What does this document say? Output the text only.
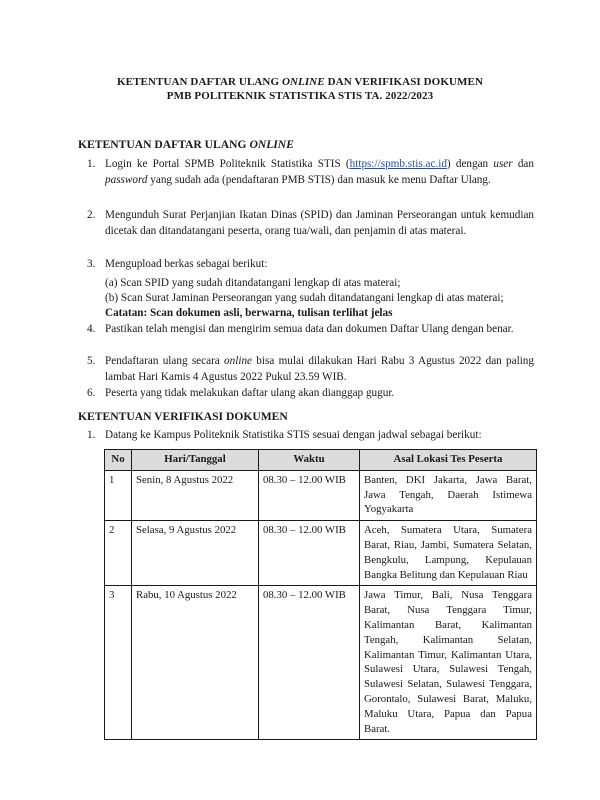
KETENTUAN DAFTAR ULANG ONLINE DAN VERIFIKASI DOKUMEN
PMB POLITEKNIK STATISTIKA STIS TA. 2022/2023
KETENTUAN DAFTAR ULANG ONLINE
1. Login ke Portal SPMB Politeknik Statistika STIS (https://spmb.stis.ac.id) dengan user dan password yang sudah ada (pendaftaran PMB STIS) dan masuk ke menu Daftar Ulang.
2. Mengunduh Surat Perjanjian Ikatan Dinas (SPID) dan Jaminan Perseorangan untuk kemudian dicetak dan ditandatangani peserta, orang tua/wali, dan penjamin di atas materai.
3. Mengupload berkas sebagai berikut:
(a) Scan SPID yang sudah ditandatangani lengkap di atas materai;
(b) Scan Surat Jaminan Perseorangan yang sudah ditandatangani lengkap di atas materai;
Catatan: Scan dokumen asli, berwarna, tulisan terlihat jelas
4. Pastikan telah mengisi dan mengirim semua data dan dokumen Daftar Ulang dengan benar.
5. Pendaftaran ulang secara online bisa mulai dilakukan Hari Rabu 3 Agustus 2022 dan paling lambat Hari Kamis 4 Agustus 2022 Pukul 23.59 WIB.
6. Peserta yang tidak melakukan daftar ulang akan dianggap gugur.
KETENTUAN VERIFIKASI DOKUMEN
1. Datang ke Kampus Politeknik Statistika STIS sesuai dengan jadwal sebagai berikut:
No	Hari/Tanggal	Waktu	Asal Lokasi Tes Peserta
1	Senin, 8 Agustus 2022	08.30 – 12.00 WIB	Banten, DKI Jakarta, Jawa Barat, Jawa Tengah, Daerah Istimewa Yogyakarta
2	Selasa, 9 Agustus 2022	08.30 – 12.00 WIB	Aceh, Sumatera Utara, Sumatera Barat, Riau, Jambi, Sumatera Selatan, Bengkulu, Lampung, Kepulauan Bangka Belitung dan Kepulauan Riau
3	Rabu, 10 Agustus 2022	08.30 – 12.00 WIB	Jawa Timur, Bali, Nusa Tenggara Barat, Nusa Tenggara Timur, Kalimantan Barat, Kalimantan Tengah, Kalimantan Selatan, Kalimantan Timur, Kalimantan Utara, Sulawesi Utara, Sulawesi Tengah, Sulawesi Selatan, Sulawesi Tenggara, Gorontalo, Sulawesi Barat, Maluku, Maluku Utara, Papua dan Papua Barat.
